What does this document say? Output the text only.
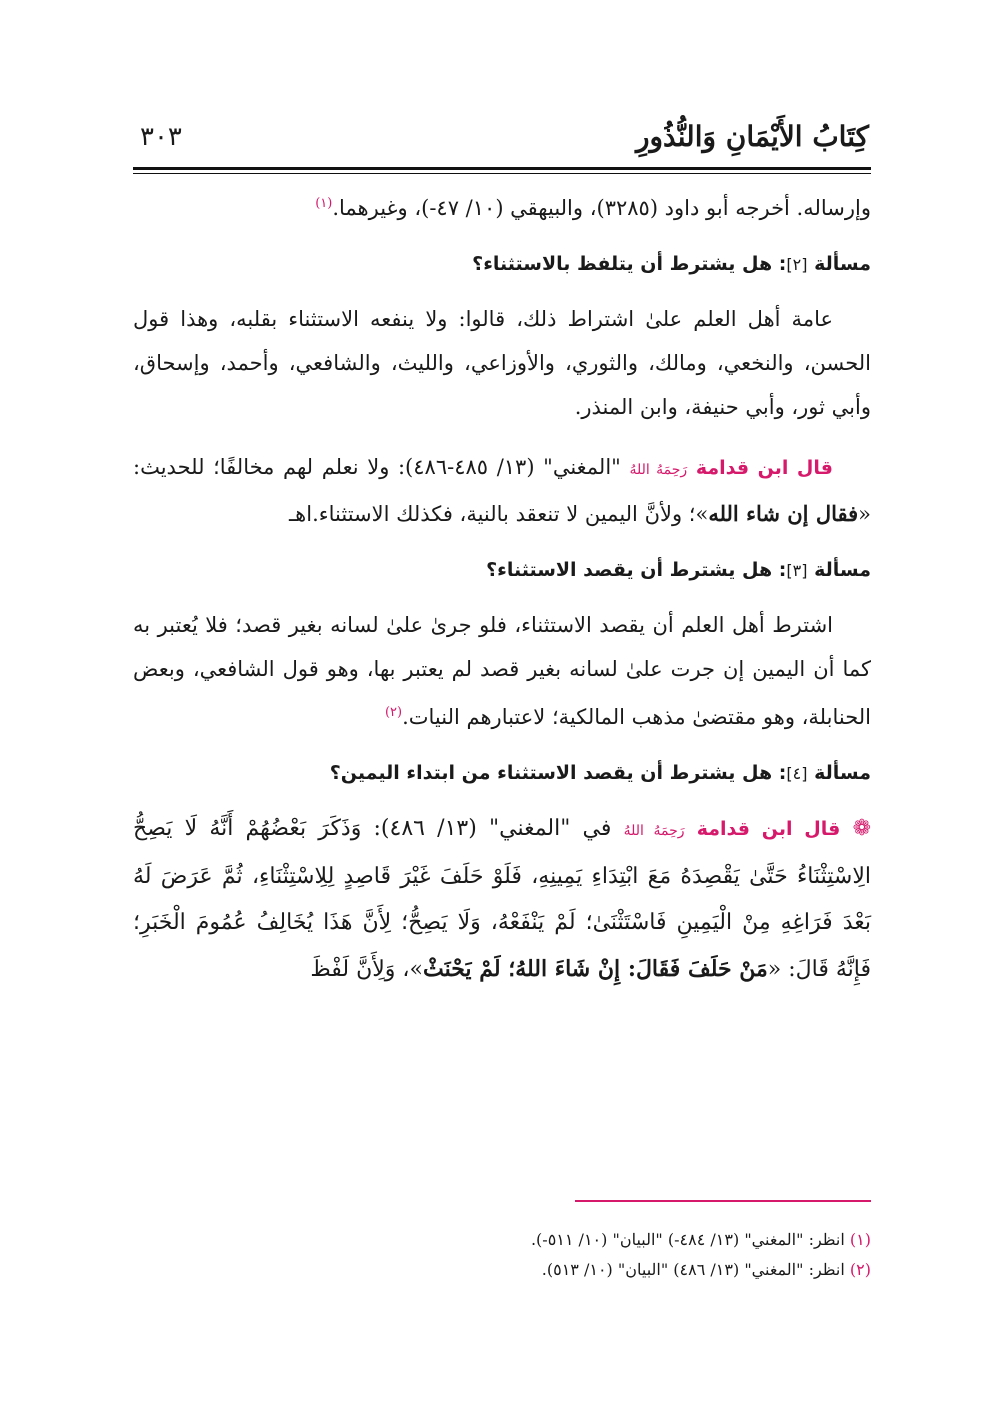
كِتَابُ الأَيْمَانِ وَالنُّذُورِ
٣٠٣

وإرساله. أخرجه أبو داود (٣٢٨٥)، والبيهقي (١٠/ ٤٧-)، وغيرهما.$^{(١)}$

مسألة [٢]: هل يشترط أن يتلفظ بالاستثناء؟

عامة أهل العلم علىٰ اشتراط ذلك، قالوا: ولا ينفعه الاستثناء بقلبه، وهذا قول الحسن، والنخعي، ومالك، والثوري، والأوزاعي، والليث، والشافعي، وأحمد، وإسحاق، وأبي ثور، وأبي حنيفة، وابن المنذر.

قال ابن قدامة رَحِمَهُ اللهُ "المغني" (١٣/ ٤٨٥-٤٨٦): ولا نعلم لهم مخالفًا؛ للحديث: «فقال إن شاء الله»؛ ولأنَّ اليمين لا تنعقد بالنية، فكذلك الاستثناء.اهـ

مسألة [٣]: هل يشترط أن يقصد الاستثناء؟

اشترط أهل العلم أن يقصد الاستثناء، فلو جرىٰ علىٰ لسانه بغير قصد؛ فلا يُعتبر به كما أن اليمين إن جرت علىٰ لسانه بغير قصد لم يعتبر بها، وهو قول الشافعي، وبعض الحنابلة، وهو مقتضىٰ مذهب المالكية؛ لاعتبارهم النيات.$^{(٢)}$

مسألة [٤]: هل يشترط أن يقصد الاستثناء من ابتداء اليمين؟

❁ قال ابن قدامة رَحِمَهُ اللهُ في "المغني" (١٣/ ٤٨٦): وَذَكَرَ بَعْضُهُمْ أَنَّهُ لَا يَصِحُّ الِاسْتِثْنَاءُ حَتَّىٰ يَقْصِدَهُ مَعَ ابْتِدَاءِ يَمِينِهِ، فَلَوْ حَلَفَ غَيْرَ قَاصِدٍ لِلِاسْتِثْنَاءِ، ثُمَّ عَرَضَ لَهُ بَعْدَ فَرَاغِهِ مِنْ الْيَمِينِ فَاسْتَثْنَىٰ؛ لَمْ يَنْفَعْهُ، وَلَا يَصِحُّ؛ لِأَنَّ هَذَا يُخَالِفُ عُمُومَ الْخَبَرِ؛ فَإِنَّهُ قَالَ: «مَنْ حَلَفَ فَقَالَ: إِنْ شَاءَ اللهُ؛ لَمْ يَحْنَثْ»، وَلِأَنَّ لَفْظَ

(١) انظر: "المغني" (١٣/ ٤٨٤-) "البيان" (١٠/ ٥١١-).
(٢) انظر: "المغني" (١٣/ ٤٨٦) "البيان" (١٠/ ٥١٣).
